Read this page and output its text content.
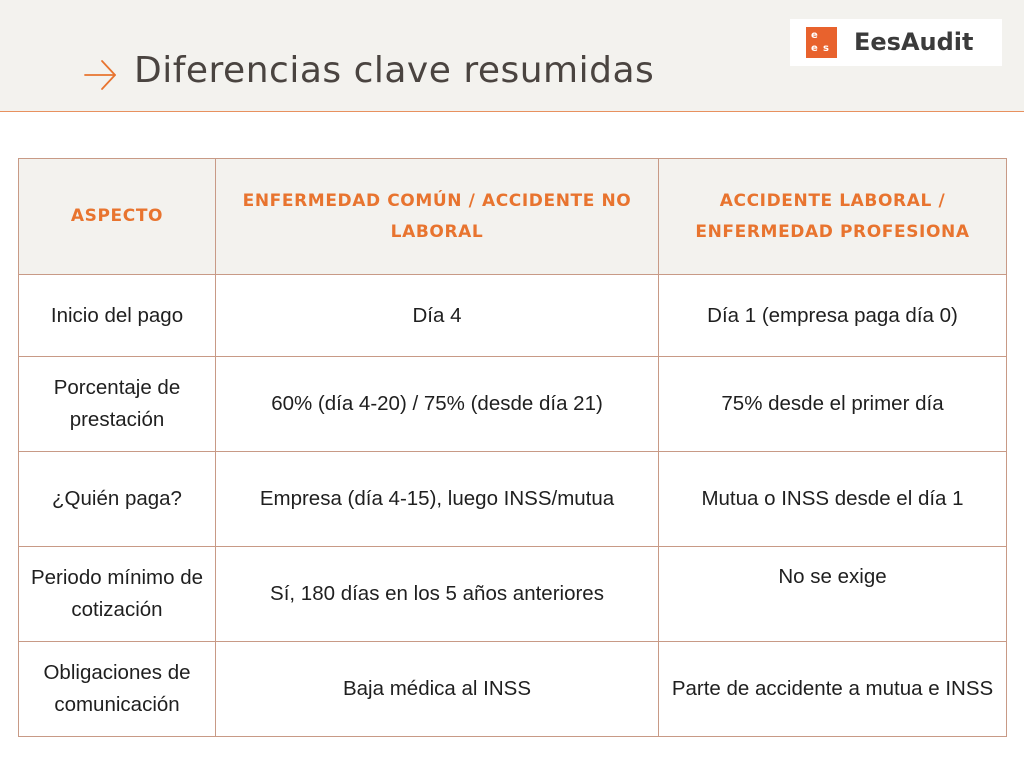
Diferencias clave resumidas
e
e s EesAudit
ASPECTO	ENFERMEDAD COMÚN / ACCIDENTE NO LABORAL	ACCIDENTE LABORAL / ENFERMEDAD PROFESIONA
Inicio del pago	Día 4	Día 1 (empresa paga día 0)
Porcentaje de prestación	60% (día 4-20) / 75% (desde día 21)	75% desde el primer día
¿Quién paga?	Empresa (día 4-15), luego INSS/mutua	Mutua o INSS desde el día 1
Periodo mínimo de cotización	Sí, 180 días en los 5 años anteriores	No se exige
Obligaciones de comunicación	Baja médica al INSS	Parte de accidente a mutua e INSS
